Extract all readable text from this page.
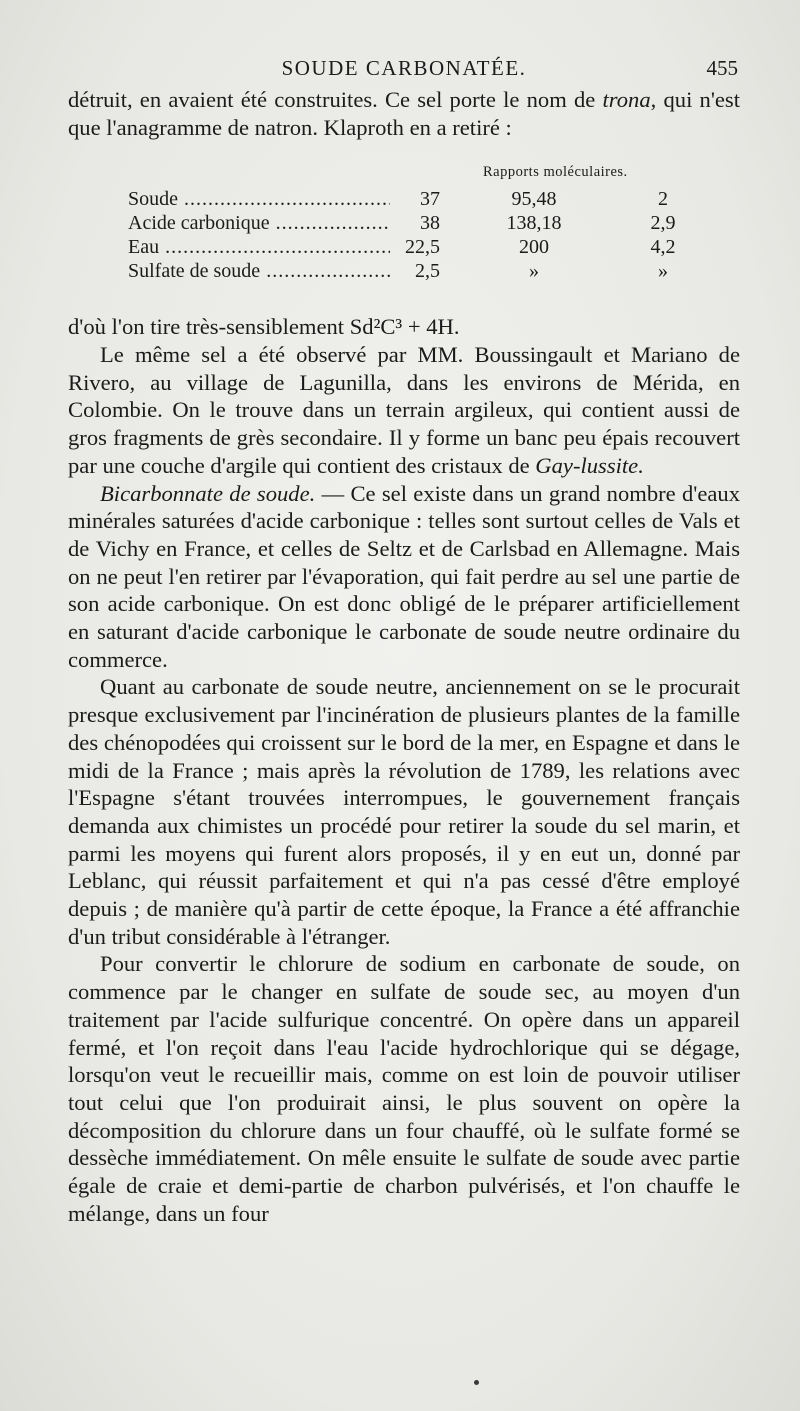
SOUDE CARBONATÉE.	455

détruit, en avaient été construites. Ce sel porte le nom de trona, qui n'est que l'anagramme de natron. Klaproth en a retiré :

Rapports moléculaires.
Soude .....	37	95,48	2
Acide carbonique .....	38	138,18	2,9
Eau .....	22,5	200	4,2
Sulfate de soude .....	2,5	»	»

d'où l'on tire très-sensiblement Sd²C³ + 4H.

Le même sel a été observé par MM. Boussingault et Mariano de Rivero, au village de Lagunilla, dans les environs de Mérida, en Colombie. On le trouve dans un terrain argileux, qui contient aussi de gros fragments de grès secondaire. Il y forme un banc peu épais recouvert par une couche d'argile qui contient des cristaux de Gay-lussite.

Bicarbonnate de soude. — Ce sel existe dans un grand nombre d'eaux minérales saturées d'acide carbonique : telles sont surtout celles de Vals et de Vichy en France, et celles de Seltz et de Carlsbad en Allemagne. Mais on ne peut l'en retirer par l'évaporation, qui fait perdre au sel une partie de son acide carbonique. On est donc obligé de le préparer artificiellement en saturant d'acide carbonique le carbonate de soude neutre ordinaire du commerce.

Quant au carbonate de soude neutre, anciennement on se le procurait presque exclusivement par l'incinération de plusieurs plantes de la famille des chénopodées qui croissent sur le bord de la mer, en Espagne et dans le midi de la France ; mais après la révolution de 1789, les relations avec l'Espagne s'étant trouvées interrompues, le gouvernement français demanda aux chimistes un procédé pour retirer la soude du sel marin, et parmi les moyens qui furent alors proposés, il y en eut un, donné par Leblanc, qui réussit parfaitement et qui n'a pas cessé d'être employé depuis ; de manière qu'à partir de cette époque, la France a été affranchie d'un tribut considérable à l'étranger.

Pour convertir le chlorure de sodium en carbonate de soude, on commence par le changer en sulfate de soude sec, au moyen d'un traitement par l'acide sulfurique concentré. On opère dans un appareil fermé, et l'on reçoit dans l'eau l'acide hydrochlorique qui se dégage, lorsqu'on veut le recueillir mais, comme on est loin de pouvoir utiliser tout celui que l'on produirait ainsi, le plus souvent on opère la décomposition du chlorure dans un four chauffé, où le sulfate formé se dessèche immédiatement. On mêle ensuite le sulfate de soude avec partie égale de craie et demi-partie de charbon pulvérisés, et l'on chauffe le mélange, dans un four
